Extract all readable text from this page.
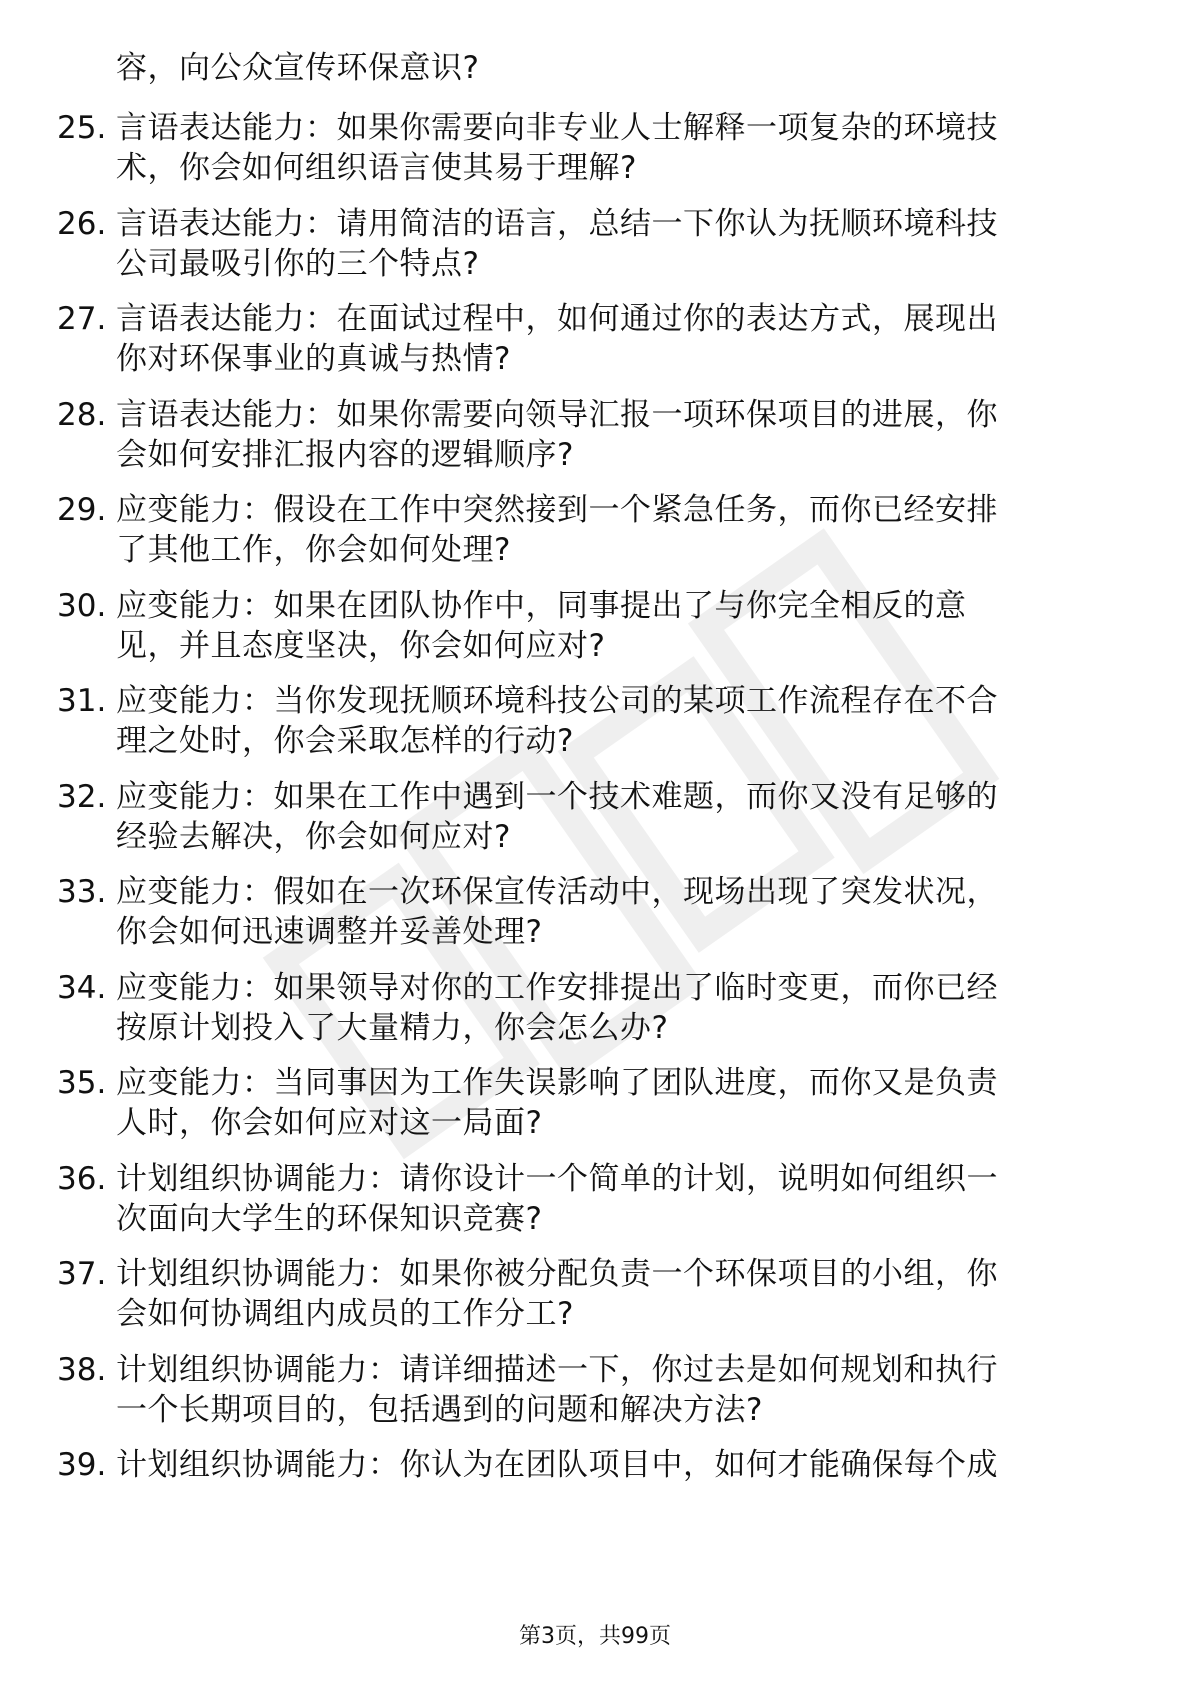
容，向公众宣传环保意识?
25. 言语表达能力：如果你需要向非专业人士解释一项复杂的环境技
术，你会如何组织语言使其易于理解?
26. 言语表达能力：请用简洁的语言，总结一下你认为抚顺环境科技
公司最吸引你的三个特点?
27. 言语表达能力：在面试过程中，如何通过你的表达方式，展现出
你对环保事业的真诚与热情?
28. 言语表达能力：如果你需要向领导汇报一项环保项目的进展，你
会如何安排汇报内容的逻辑顺序?
29. 应变能力：假设在工作中突然接到一个紧急任务，而你已经安排
了其他工作，你会如何处理?
30. 应变能力：如果在团队协作中，同事提出了与你完全相反的意
见，并且态度坚决，你会如何应对?
31. 应变能力：当你发现抚顺环境科技公司的某项工作流程存在不合
理之处时，你会采取怎样的行动?
32. 应变能力：如果在工作中遇到一个技术难题，而你又没有足够的
经验去解决，你会如何应对?
33. 应变能力：假如在一次环保宣传活动中，现场出现了突发状况，
你会如何迅速调整并妥善处理?
34. 应变能力：如果领导对你的工作安排提出了临时变更，而你已经
按原计划投入了大量精力，你会怎么办?
35. 应变能力：当同事因为工作失误影响了团队进度，而你又是负责
人时，你会如何应对这一局面?
36. 计划组织协调能力：请你设计一个简单的计划，说明如何组织一
次面向大学生的环保知识竞赛?
37. 计划组织协调能力：如果你被分配负责一个环保项目的小组，你
会如何协调组内成员的工作分工?
38. 计划组织协调能力：请详细描述一下，你过去是如何规划和执行
一个长期项目的，包括遇到的问题和解决方法?
39. 计划组织协调能力：你认为在团队项目中，如何才能确保每个成
第3页，共99页
